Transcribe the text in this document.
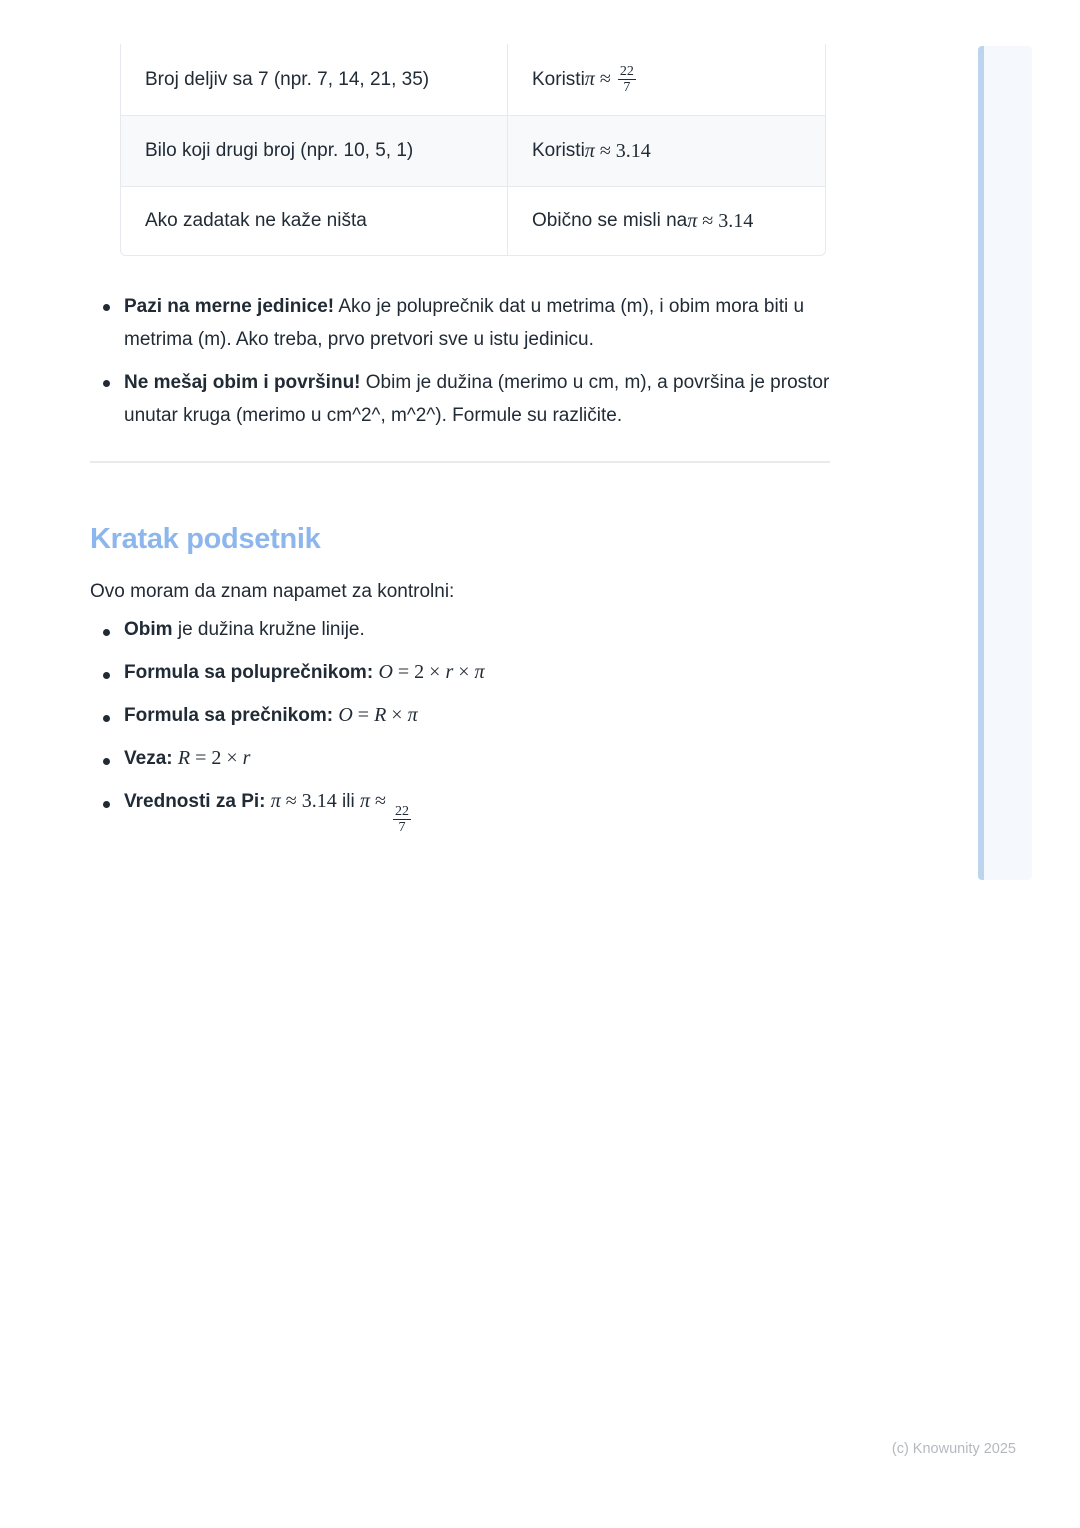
Broj deljiv sa 7 (npr. 7, 14, 21, 35)	Koristi $\pi \approx \frac{22}{7}$
Bilo koji drugi broj (npr. 10, 5, 1)	Koristi π ≈ 3.14
Ako zadatak ne kaže ništa	Obično se misli na π ≈ 3.14
Pazi na merne jedinice! Ako je poluprečnik dat u metrima (m), i obim mora biti u metrima (m). Ako treba, prvo pretvori sve u istu jedinicu.
Ne mešaj obim i površinu! Obim je dužina (merimo u cm, m), a površina je prostor unutar kruga (merimo u cm^2^, m^2^). Formule su različite.
Kratak podsetnik

Ovo moram da znam napamet za kontrolni:

Obim je dužina kružne linije.
Formula sa poluprečnikom: O = 2 × r × π
Formula sa prečnikom: O = R × π
Veza: R = 2 × r
Vrednosti za Pi: π ≈ 3.14 ili π ≈
$\frac{22}{7}$
(c) Knowunity 2025
